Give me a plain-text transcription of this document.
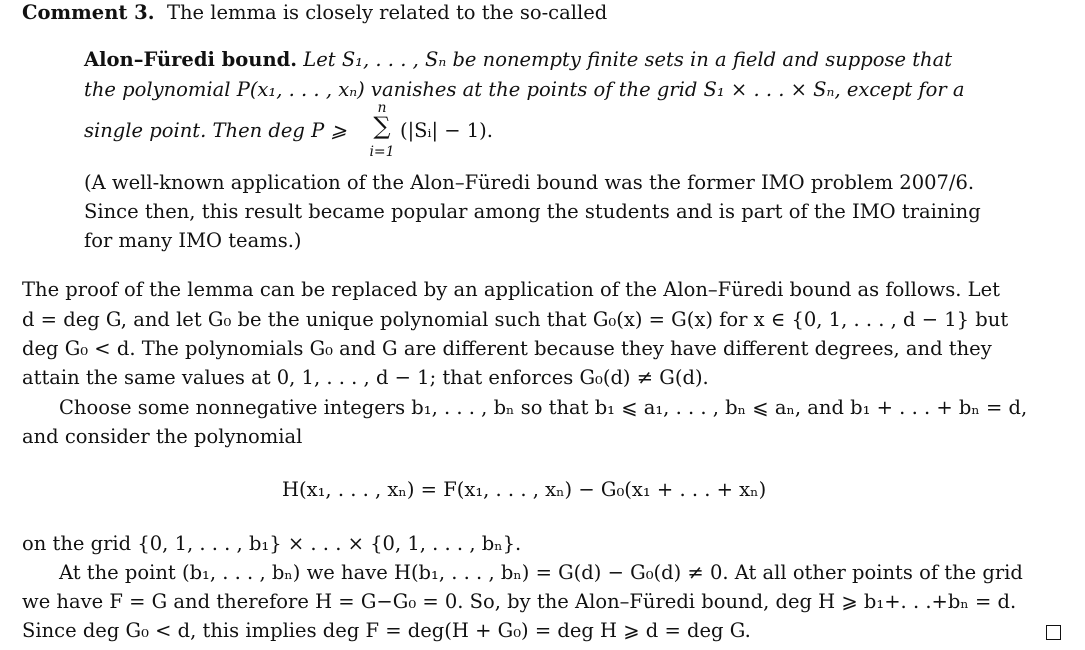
Comment 3. The lemma is closely related to the so-called
Alon–Füredi bound. Let S₁, . . . , Sₙ be nonempty finite sets in a field and suppose that
the polynomial P(x₁, . . . , xₙ) vanishes at the points of the grid S₁ × . . . × Sₙ, except for a
single point. Then deg P ⩾
n
∑
i=1
(|Sᵢ| − 1).
(A well-known application of the Alon–Füredi bound was the former IMO problem 2007/6.
Since then, this result became popular among the students and is part of the IMO training
for many IMO teams.)
The proof of the lemma can be replaced by an application of the Alon–Füredi bound as follows. Let
d = deg G, and let G₀ be the unique polynomial such that G₀(x) = G(x) for x ∈ {0, 1, . . . , d − 1} but
deg G₀ < d. The polynomials G₀ and G are different because they have different degrees, and they
attain the same values at 0, 1, . . . , d − 1; that enforces G₀(d) ≠ G(d).
Choose some nonnegative integers b₁, . . . , bₙ so that b₁ ⩽ a₁, . . . , bₙ ⩽ aₙ, and b₁ + . . . + bₙ = d,
and consider the polynomial
H(x₁, . . . , xₙ) = F(x₁, . . . , xₙ) − G₀(x₁ + . . . + xₙ)
on the grid {0, 1, . . . , b₁} × . . . × {0, 1, . . . , bₙ}.
At the point (b₁, . . . , bₙ) we have H(b₁, . . . , bₙ) = G(d) − G₀(d) ≠ 0. At all other points of the grid
we have F = G and therefore H = G−G₀ = 0. So, by the Alon–Füredi bound, deg H ⩾ b₁+. . .+bₙ = d.
Since deg G₀ < d, this implies deg F = deg(H + G₀) = deg H ⩾ d = deg G.
